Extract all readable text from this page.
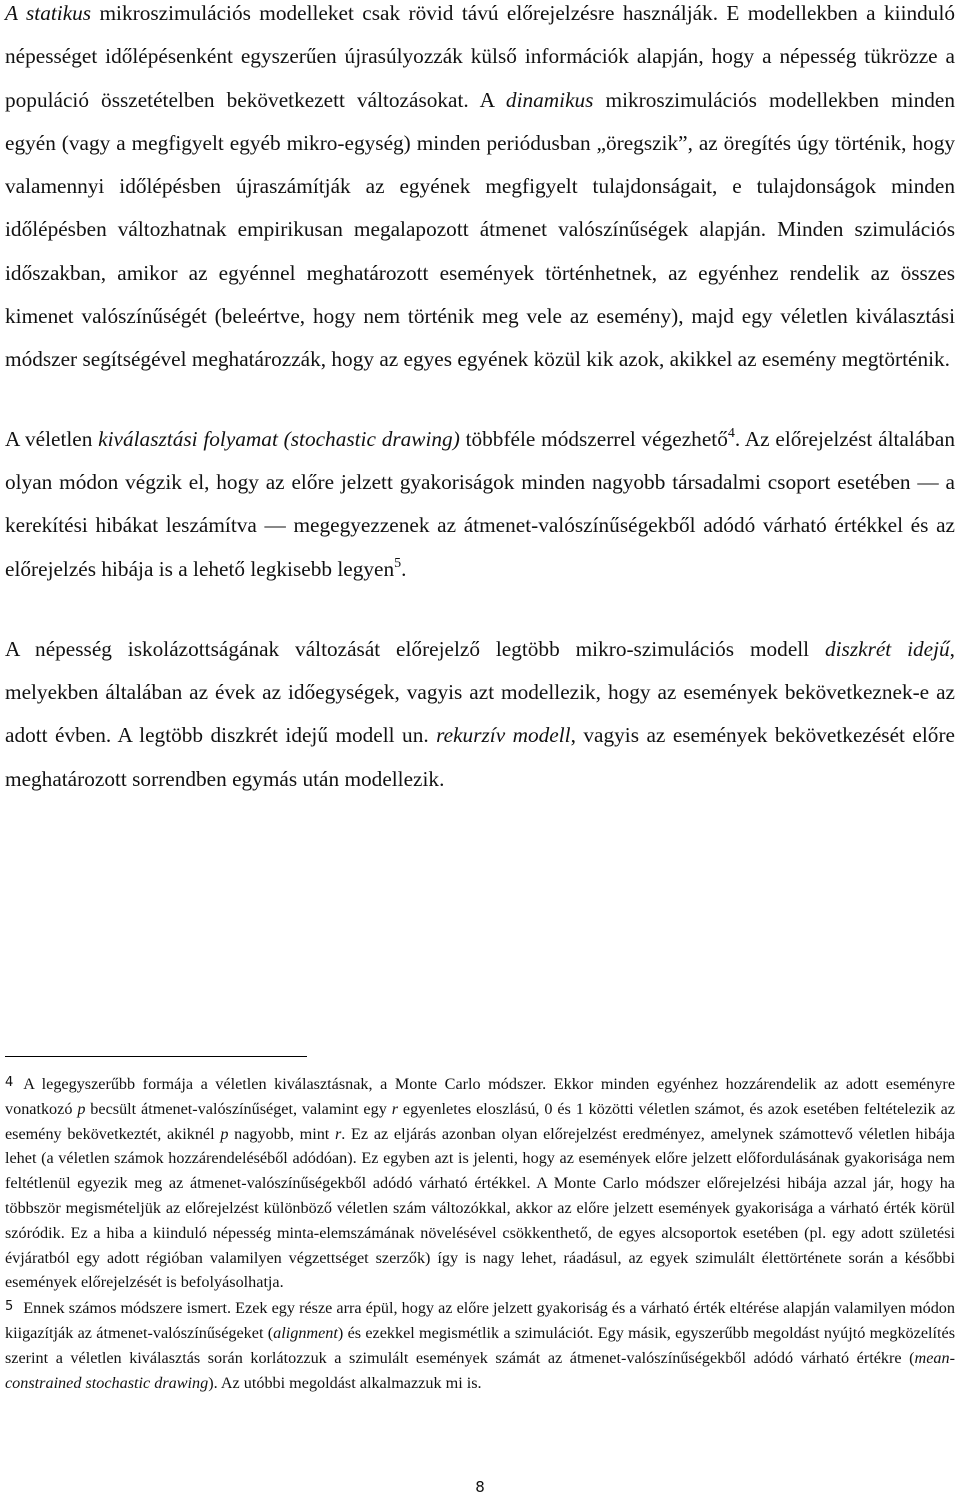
A statikus mikroszimulációs modelleket csak rövid távú előrejelzésre használják. E modellekben a kiinduló népességet időlépésenként egyszerűen újrasúlyozzák külső információk alapján, hogy a népesség tükrözze a populáció összetételben bekövetkezett változásokat. A dinamikus mikroszimulációs modellekben minden egyén (vagy a megfigyelt egyéb mikro-egység) minden periódusban „öregszik”, az öregítés úgy történik, hogy valamennyi időlépésben újraszámítják az egyének megfigyelt tulajdonságait, e tulajdonságok minden időlépésben változhatnak empirikusan megalapozott átmenet valószínűségek alapján. Minden szimulációs időszakban, amikor az egyénnel meghatározott események történhetnek, az egyénhez rendelik az összes kimenet valószínűségét (beleértve, hogy nem történik meg vele az esemény), majd egy véletlen kiválasztási módszer segítségével meghatározzák, hogy az egyes egyének közül kik azok, akikkel az esemény megtörténik.

A véletlen kiválasztási folyamat (stochastic drawing) többféle módszerrel végezhető$^4$. Az előrejelzést általában olyan módon végzik el, hogy az előre jelzett gyakoriságok minden nagyobb társadalmi csoport esetében — a kerekítési hibákat leszámítva — megegyezzenek az átmenet-valószínűségekből adódó várható értékkel és az előrejelzés hibája is a lehető legkisebb legyen$^5$.

A népesség iskolázottságának változását előrejelző legtöbb mikro-szimulációs modell diszkrét idejű, melyekben általában az évek az időegységek, vagyis azt modellezik, hogy az események bekövetkeznek-e az adott évben. A legtöbb diszkrét idejű modell un. rekurzív modell, vagyis az események bekövetkezését előre meghatározott sorrendben egymás után modellezik.

4 A legegyszerűbb formája a véletlen kiválasztásnak, a Monte Carlo módszer. Ekkor minden egyénhez hozzárendelik az adott eseményre vonatkozó p becsült átmenet-valószínűséget, valamint egy r egyenletes eloszlású, 0 és 1 közötti véletlen számot, és azok esetében feltételezik az esemény bekövetkeztét, akiknél p nagyobb, mint r. Ez az eljárás azonban olyan előrejelzést eredményez, amelynek számottevő véletlen hibája lehet (a véletlen számok hozzárendeléséből adódóan). Ez egyben azt is jelenti, hogy az események előre jelzett előfordulásának gyakorisága nem feltétlenül egyezik meg az átmenet-valószínűségekből adódó várható értékkel. A Monte Carlo módszer előrejelzési hibája azzal jár, hogy ha többször megismételjük az előrejelzést különböző véletlen szám változókkal, akkor az előre jelzett események gyakorisága a várható érték körül szóródik. Ez a hiba a kiinduló népesség minta-elemszámának növelésével csökkenthető, de egyes alcsoportok esetében (pl. egy adott születési évjáratból egy adott régióban valamilyen végzettséget szerzők) így is nagy lehet, ráadásul, az egyek szimulált élettörténete során a későbbi események előrejelzését is befolyásolhatja.

5 Ennek számos módszere ismert. Ezek egy része arra épül, hogy az előre jelzett gyakoriság és a várható érték eltérése alapján valamilyen módon kiigazítják az átmenet-valószínűségeket (alignment) és ezekkel megismétlik a szimulációt. Egy másik, egyszerűbb megoldást nyújtó megközelítés szerint a véletlen kiválasztás során korlátozzuk a szimulált események számát az átmenet-valószínűségekből adódó várható értékre (mean-constrained stochastic drawing). Az utóbbi megoldást alkalmazzuk mi is.

8
